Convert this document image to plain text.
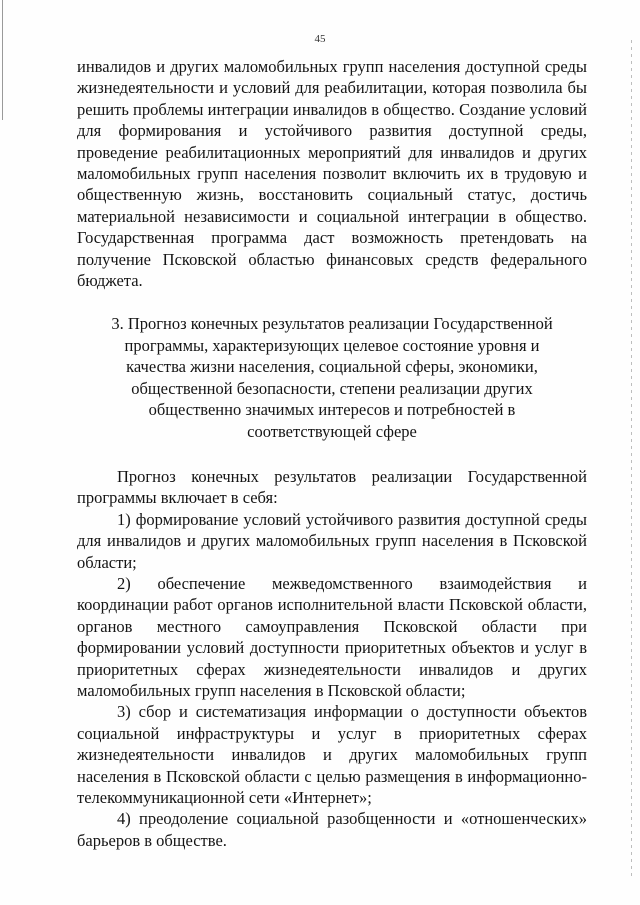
45

инвалидов и других маломобильных групп населения доступной среды жизнедеятельности и условий для реабилитации, которая позволила бы решить проблемы интеграции инвалидов в общество. Создание условий для формирования и устойчивого развития доступной среды, проведение реабилитационных мероприятий для инвалидов и других маломобильных групп населения позволит включить их в трудовую и общественную жизнь, восстановить социальный статус, достичь материальной независимости и социальной интеграции в общество. Государственная программа даст возможность претендовать на получение Псковской областью финансовых средств федерального бюджета.

3. Прогноз конечных результатов реализации Государственной программы, характеризующих целевое состояние уровня и качества жизни населения, социальной сферы, экономики, общественной безопасности, степени реализации других общественно значимых интересов и потребностей в соответствующей сфере

Прогноз конечных результатов реализации Государственной программы включает в себя:

1) формирование условий устойчивого развития доступной среды для инвалидов и других маломобильных групп населения в Псковской области;

2) обеспечение межведомственного взаимодействия и координации работ органов исполнительной власти Псковской области, органов местного самоуправления Псковской области при формировании условий доступности приоритетных объектов и услуг в приоритетных сферах жизнедеятельности инвалидов и других маломобильных групп населения в Псковской области;

3) сбор и систематизация информации о доступности объектов социальной инфраструктуры и услуг в приоритетных сферах жизнедеятельности инвалидов и других маломобильных групп населения в Псковской области с целью размещения в информационно-телекоммуникационной сети «Интернет»;

4) преодоление социальной разобщенности и «отношенческих» барьеров в обществе.
